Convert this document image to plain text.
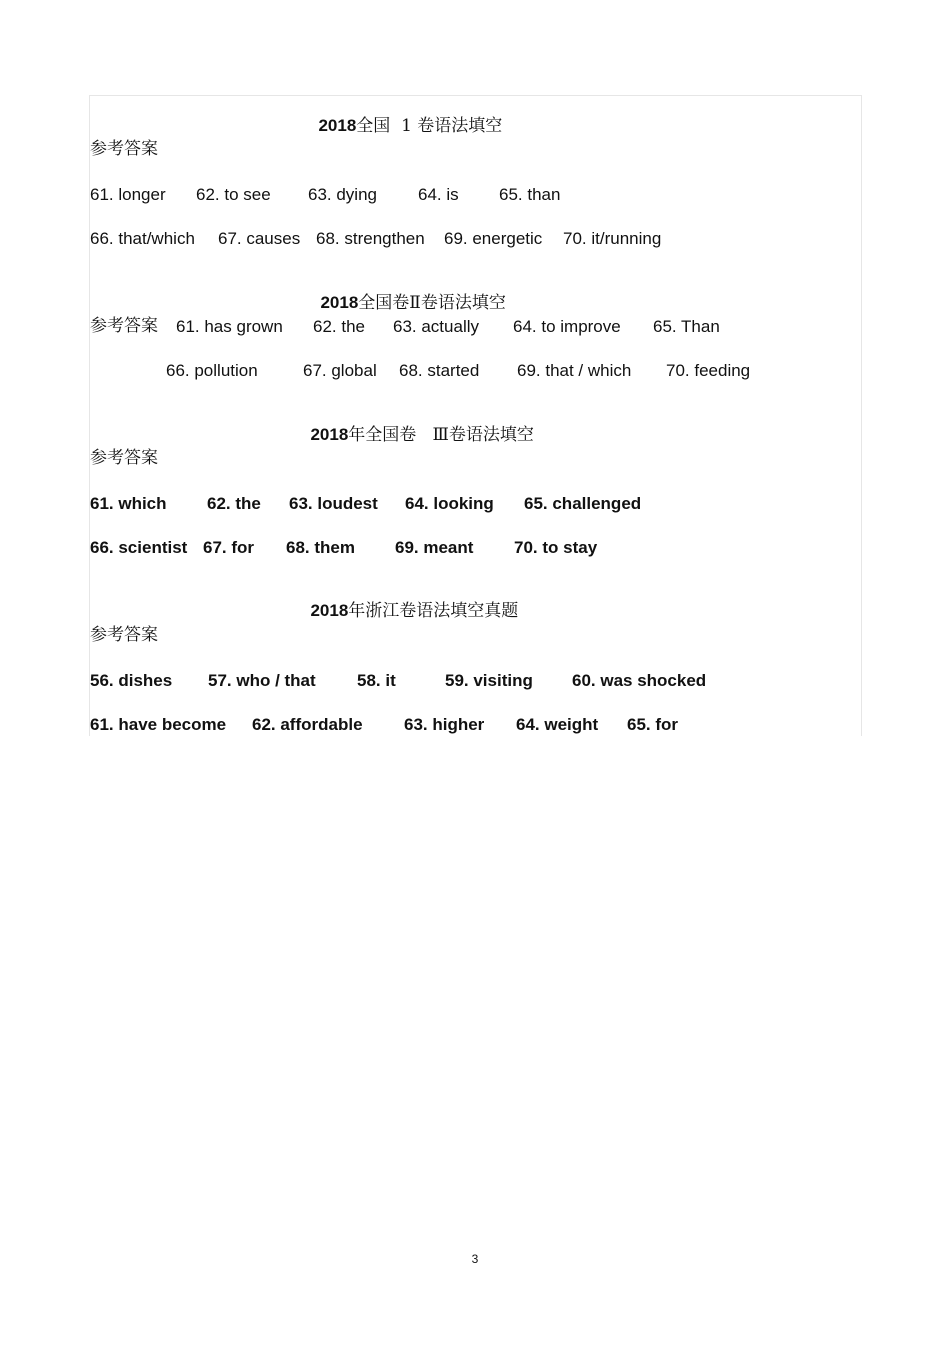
2018全国  1 卷语法填空

参考答案
61. longer 62. to see 63. dying 64. is 65. than
66. that/which 67. causes 68. strengthen 69. energetic 70. it/running

2018全国卷Ⅱ卷语法填空

参考答案 61. has grown 62. the 63. actually 64. to improve 65. Than
66. pollution	67. global 68. started 69. that / which 70. feeding

2018年全国卷   Ⅲ卷语法填空

参考答案
61. which 62. the 63. loudest 64. looking 65. challenged
66. scientist 67. for 68. them 69. meant 70. to stay

2018年浙江卷语法填空真题

参考答案
56. dishes 57. who / that 58. it	59. visiting 60. was shocked
61. have become 62. affordable 63. higher 64. weight 65. for
3
